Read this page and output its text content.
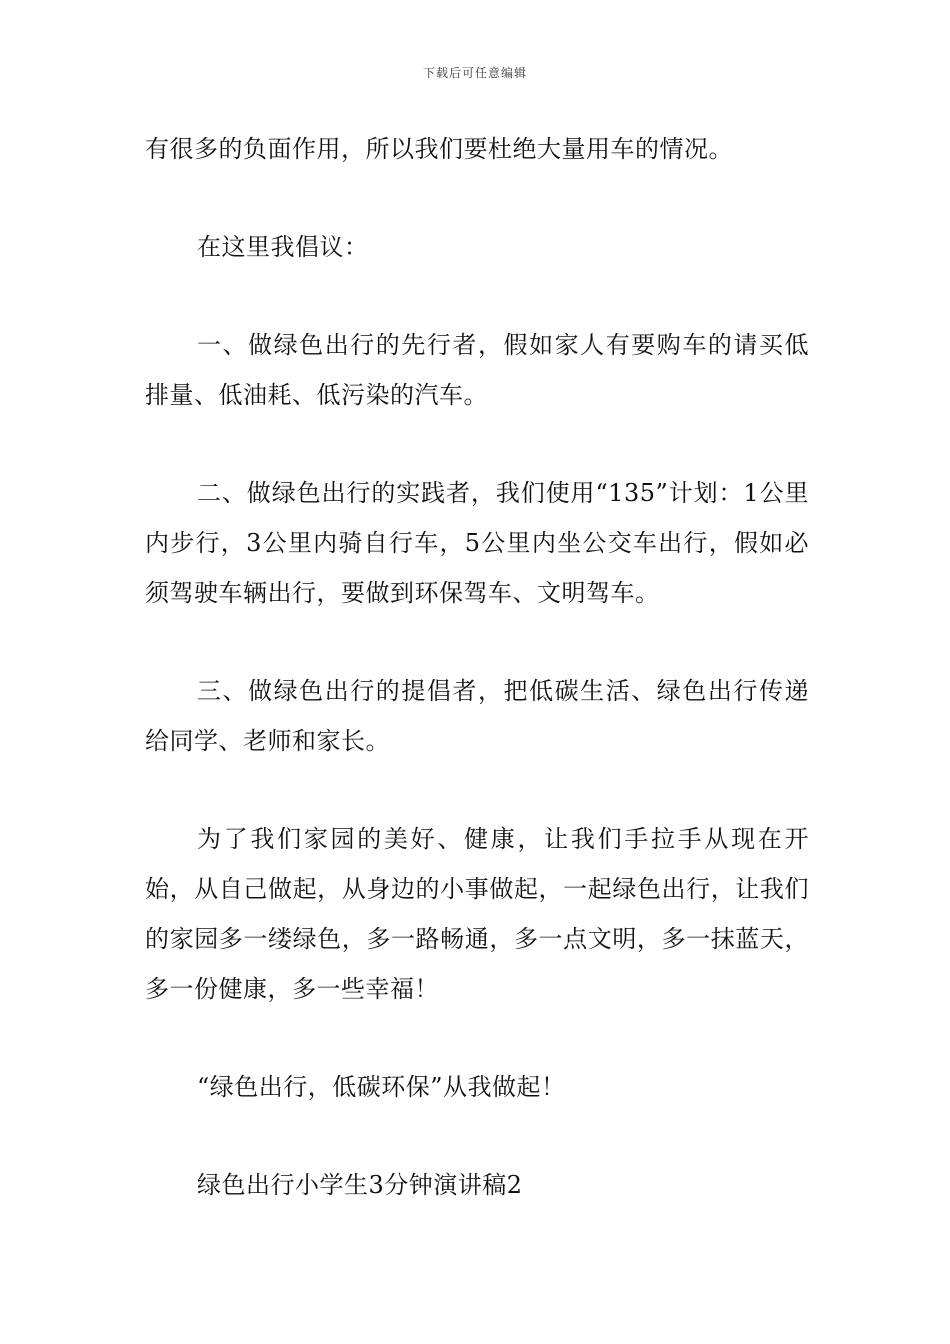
下载后可任意编辑

有很多的负面作用，所以我们要杜绝大量用车的情况。

在这里我倡议：

一、做绿色出行的先行者，假如家人有要购车的请买低排量、低油耗、低污染的汽车。

二、做绿色出行的实践者，我们使用“135”计划：1公里内步行，3公里内骑自行车，5公里内坐公交车出行，假如必须驾驶车辆出行，要做到环保驾车、文明驾车。

三、做绿色出行的提倡者，把低碳生活、绿色出行传递给同学、老师和家长。

为了我们家园的美好、健康，让我们手拉手从现在开始，从自己做起，从身边的小事做起，一起绿色出行，让我们的家园多一缕绿色，多一路畅通，多一点文明，多一抹蓝天，多一份健康，多一些幸福！

“绿色出行，低碳环保”从我做起！

绿色出行小学生3分钟演讲稿2
